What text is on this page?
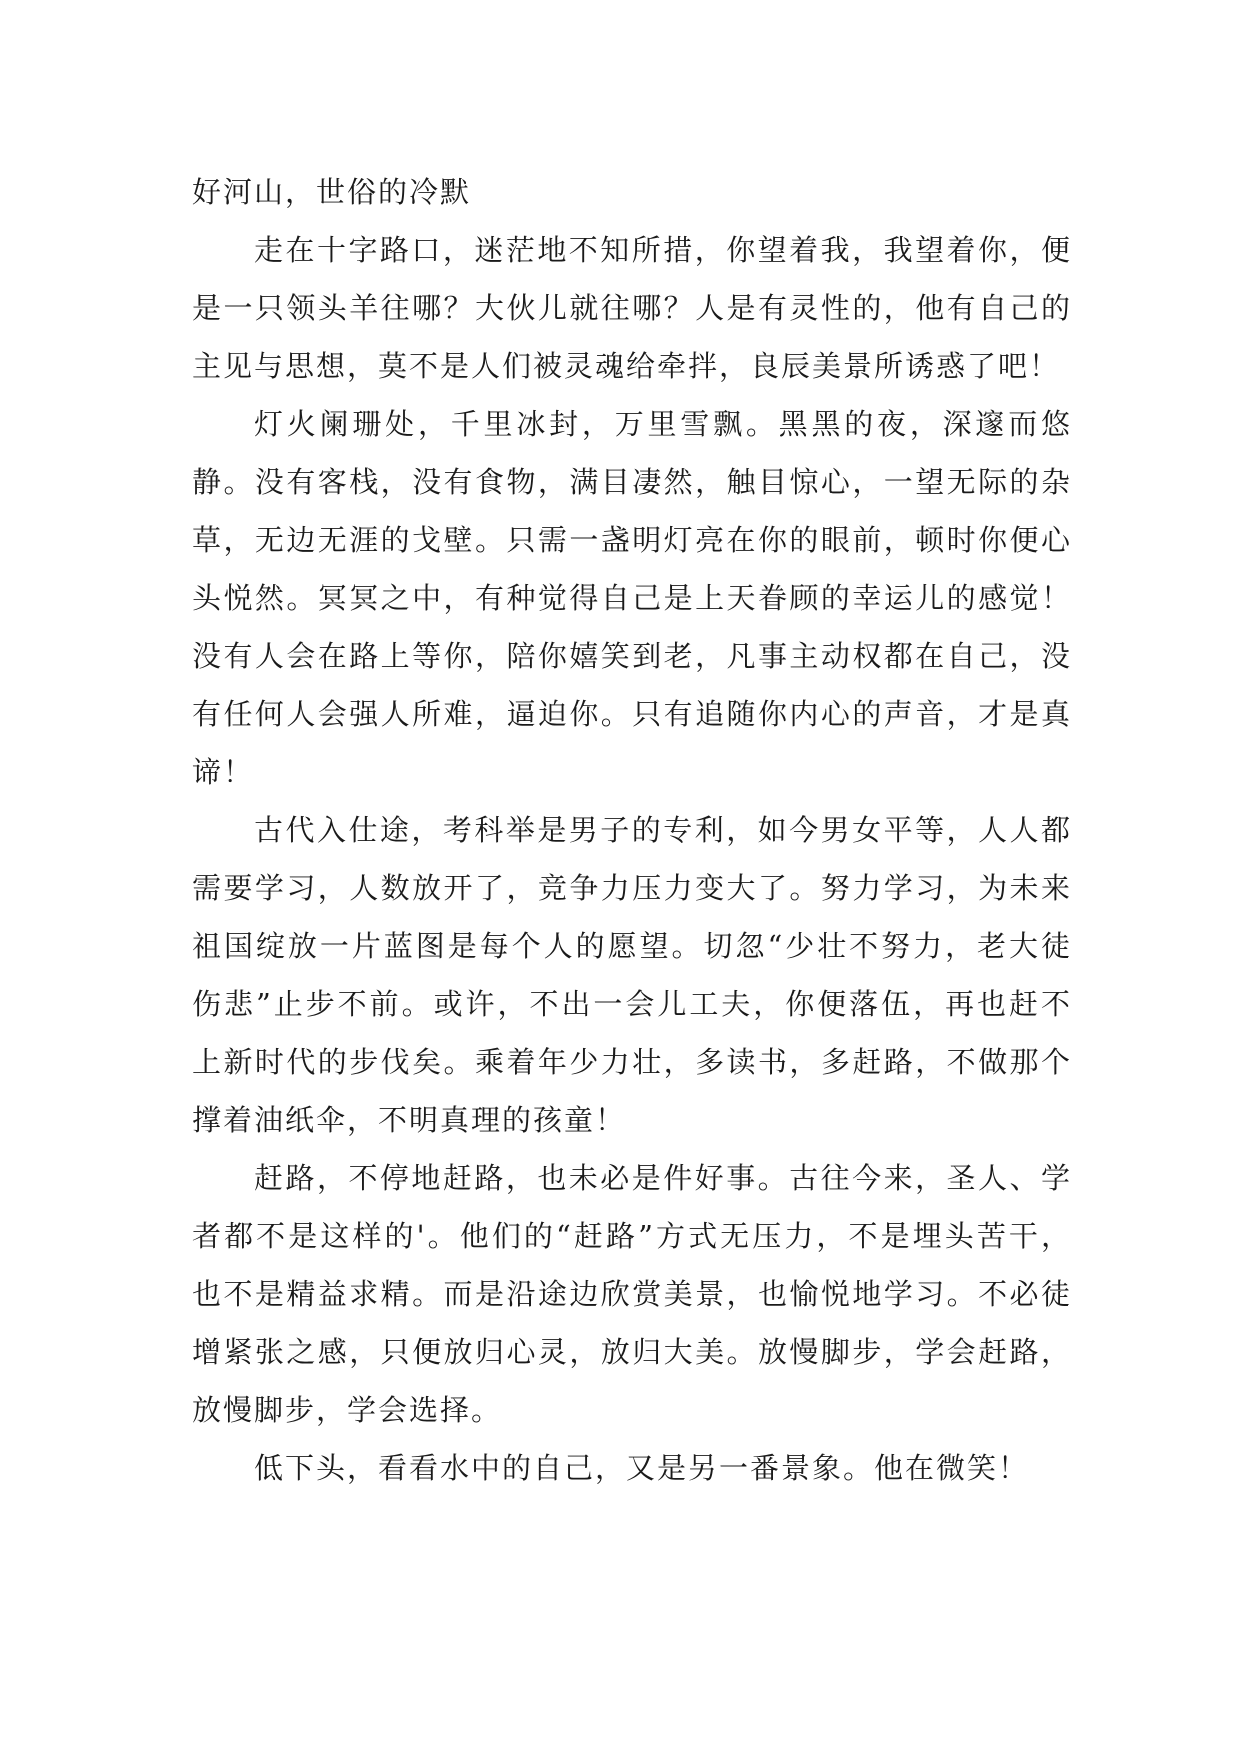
好河山，世俗的冷默

走在十字路口，迷茫地不知所措，你望着我，我望着你，便是一只领头羊往哪？大伙儿就往哪？人是有灵性的，他有自己的主见与思想，莫不是人们被灵魂给牵拌，良辰美景所诱惑了吧！

灯火阑珊处，千里冰封，万里雪飘。黑黑的夜，深邃而悠静。没有客栈，没有食物，满目凄然，触目惊心，一望无际的杂草，无边无涯的戈壁。只需一盏明灯亮在你的眼前，顿时你便心头悦然。冥冥之中，有种觉得自己是上天眷顾的幸运儿的感觉！没有人会在路上等你，陪你嬉笑到老，凡事主动权都在自己，没有任何人会强人所难，逼迫你。只有追随你内心的声音，才是真谛！

古代入仕途，考科举是男子的专利，如今男女平等，人人都需要学习，人数放开了，竞争力压力变大了。努力学习，为未来祖国绽放一片蓝图是每个人的愿望。切忽“少壮不努力，老大徒伤悲”止步不前。或许，不出一会儿工夫，你便落伍，再也赶不上新时代的步伐矣。乘着年少力壮，多读书，多赶路，不做那个撑着油纸伞，不明真理的孩童！

赶路，不停地赶路，也未必是件好事。古往今来，圣人、学者都不是这样的'。他们的“赶路”方式无压力，不是埋头苦干，也不是精益求精。而是沿途边欣赏美景，也愉悦地学习。不必徒增紧张之感，只便放归心灵，放归大美。放慢脚步，学会赶路，放慢脚步，学会选择。

低下头，看看水中的自己，又是另一番景象。他在微笑！
